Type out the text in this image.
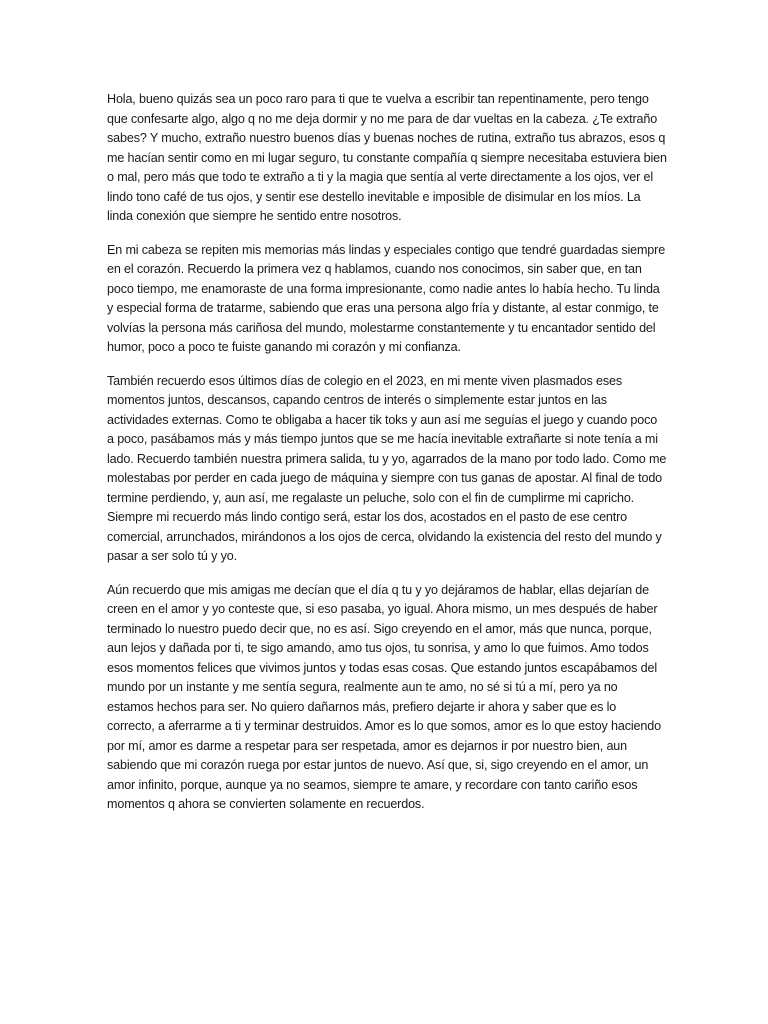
Hola, bueno quizás sea un poco raro para ti que te vuelva a escribir tan repentinamente, pero tengo que confesarte algo, algo q no me deja dormir y no me para de dar vueltas en la cabeza. ¿Te extraño sabes? Y mucho, extraño nuestro buenos días y buenas noches de rutina, extraño tus abrazos, esos q me hacían sentir como en mi lugar seguro, tu constante compañía q siempre necesitaba estuviera bien o mal, pero más que todo te extraño a ti y la magia que sentía al verte directamente a los ojos, ver el lindo tono café de tus ojos, y sentir ese destello inevitable e imposible de disimular en los míos. La linda conexión que siempre he sentido entre nosotros.

En mi cabeza se repiten mis memorias más lindas y especiales contigo que tendré guardadas siempre en el corazón. Recuerdo la primera vez q hablamos, cuando nos conocimos, sin saber que, en tan poco tiempo, me enamoraste de una forma impresionante, como nadie antes lo había hecho. Tu linda y especial forma de tratarme, sabiendo que eras una persona algo fría y distante, al estar conmigo, te volvías la persona más cariñosa del mundo, molestarme constantemente y tu encantador sentido del humor, poco a poco te fuiste ganando mi corazón y mi confianza.

También recuerdo esos últimos días de colegio en el 2023, en mi mente viven plasmados eses momentos juntos, descansos, capando centros de interés o simplemente estar juntos en las actividades externas. Como te obligaba a hacer tik toks y aun así me seguías el juego y cuando poco a poco, pasábamos más y más tiempo juntos que se me hacía inevitable extrañarte si note tenía a mi lado. Recuerdo también nuestra primera salida, tu y yo, agarrados de la mano por todo lado. Como me molestabas por perder en cada juego de máquina y siempre con tus ganas de apostar. Al final de todo termine perdiendo, y, aun así, me regalaste un peluche, solo con el fin de cumplirme mi capricho. Siempre mi recuerdo más lindo contigo será, estar los dos, acostados en el pasto de ese centro comercial, arrunchados, mirándonos a los ojos de cerca, olvidando la existencia del resto del mundo y pasar a ser solo tú y yo.

Aún recuerdo que mis amigas me decían que el día q tu y yo dejáramos de hablar, ellas dejarían de creen en el amor y yo conteste que, si eso pasaba, yo igual. Ahora mismo, un mes después de haber terminado lo nuestro puedo decir que, no es así. Sigo creyendo en el amor, más que nunca, porque, aun lejos y dañada por ti, te sigo amando, amo tus ojos, tu sonrisa, y amo lo que fuimos. Amo todos esos momentos felices que vivimos juntos y todas esas cosas. Que estando juntos escapábamos del mundo por un instante y me sentía segura, realmente aun te amo, no sé si tú a mí, pero ya no estamos hechos para ser. No quiero dañarnos más, prefiero dejarte ir ahora y saber que es lo correcto, a aferrarme a ti y terminar destruidos. Amor es lo que somos, amor es lo que estoy haciendo por mí, amor es darme a respetar para ser respetada, amor es dejarnos ir por nuestro bien, aun sabiendo que mi corazón ruega por estar juntos de nuevo. Así que, si, sigo creyendo en el amor, un amor infinito, porque, aunque ya no seamos, siempre te amare, y recordare con tanto cariño esos momentos q ahora se convierten solamente en recuerdos.
